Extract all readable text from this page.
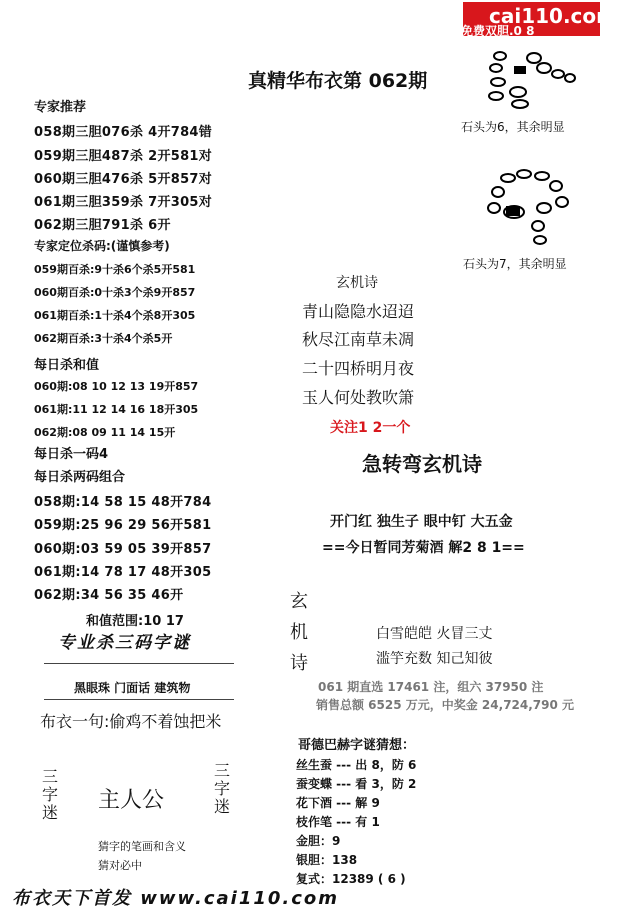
cai110.com
免费双胆.0 8
真精华布衣第 062期
专家推荐
058期三胆076杀 4开784错
059期三胆487杀 2开581对
060期三胆476杀 5开857对
061期三胆359杀 7开305对
062期三胆791杀 6开
专家定位杀码:(谨慎参考)
059期百杀:9十杀6个杀5开581
060期百杀:0十杀3个杀9开857
061期百杀:1十杀4个杀8开305
062期百杀:3十杀4个杀5开
每日杀和值
060期:08 10 12 13 19开857
061期:11 12 14 16 18开305
062期:08 09 11 14 15开
每日杀一码4
每日杀两码组合
058期:14 58 15 48开784
059期:25 96 29 56开581
060期:03 59 05 39开857
061期:14 78 17 48开305
062期:34 56 35 46开
和值范围:10 17
专业杀三码字谜
黑眼珠 门面话 建筑物
布衣一句:偷鸡不着蚀把米
三字迷 主人公
三字迷
猜字的笔画和含义
猜对必中
布衣天下首发 www.cai110.com
石头为6，其余明显
石头为7，其余明显
玄机诗
青山隐隐水迢迢
秋尽江南草未凋
二十四桥明月夜
玉人何处教吹箫
关注1 2一个
急转弯玄机诗
开门红 独生子 眼中钉 大五金
==今日暂同芳菊酒 解2 8 1==
玄机诗
白雪皑皑 火冒三丈
滥竽充数 知己知彼
061 期直选 17461 注，组六 37950 注
销售总额 6525 万元，中奖金 24,724,790 元
哥德巴赫字谜猜想：
丝生蚕 --- 出 8，防 6
蚕变蝶 --- 看 3，防 2
花下酒 --- 解 9
枝作笔 --- 有 1
金胆：9
银胆：138
复式：12389 ( 6 )
